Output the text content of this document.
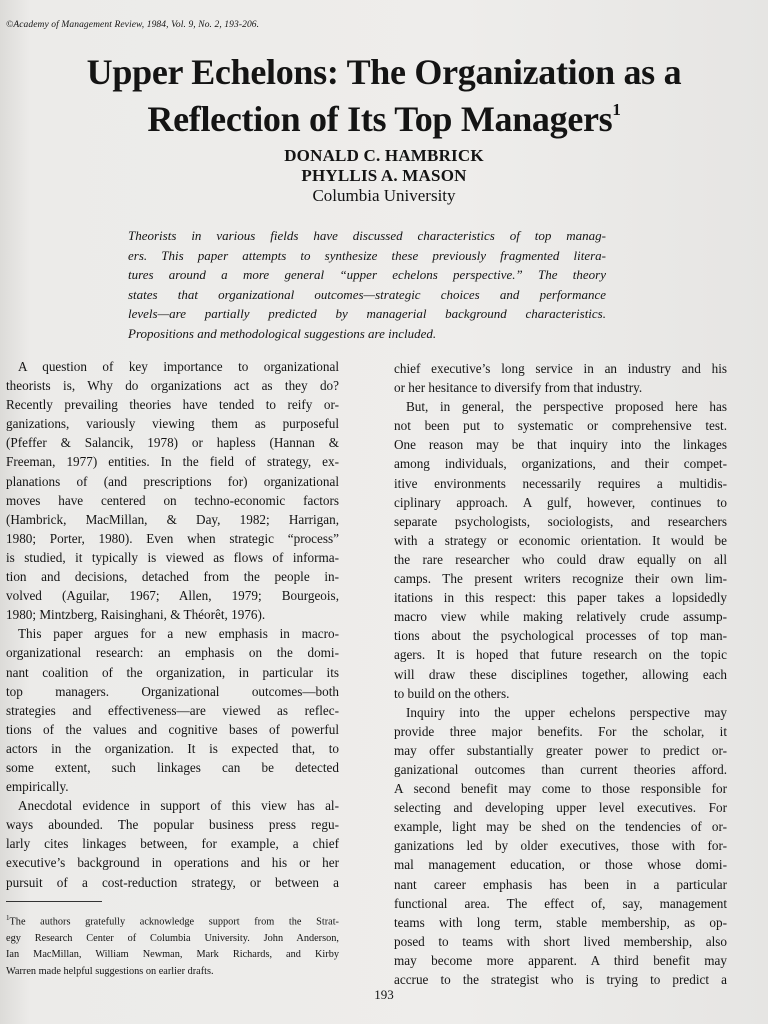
©Academy of Management Review, 1984, Vol. 9, No. 2, 193-206.
Upper Echelons: The Organization as a
Reflection of Its Top Managers$^1$
DONALD C. HAMBRICK
PHYLLIS A. MASON
Columbia University
Theorists in various fields have discussed characteristics of top manag-
ers. This paper attempts to synthesize these previously fragmented litera-
tures around a more general “upper echelons perspective.” The theory
states that organizational outcomes—strategic choices and performance
levels—are partially predicted by managerial background characteristics.
Propositions and methodological suggestions are included.
A question of key importance to organizational
theorists is, Why do organizations act as they do?
Recently prevailing theories have tended to reify or-
ganizations, variously viewing them as purposeful
(Pfeffer & Salancik, 1978) or hapless (Hannan &
Freeman, 1977) entities. In the field of strategy, ex-
planations of (and prescriptions for) organizational
moves have centered on techno-economic factors
(Hambrick, MacMillan, & Day, 1982; Harrigan,
1980; Porter, 1980). Even when strategic “process”
is studied, it typically is viewed as flows of informa-
tion and decisions, detached from the people in-
volved (Aguilar, 1967; Allen, 1979; Bourgeois,
1980; Mintzberg, Raisinghani, & Théorêt, 1976).
This paper argues for a new emphasis in macro-
organizational research: an emphasis on the domi-
nant coalition of the organization, in particular its
top managers. Organizational outcomes—both
strategies and effectiveness—are viewed as reflec-
tions of the values and cognitive bases of powerful
actors in the organization. It is expected that, to
some extent, such linkages can be detected
empirically.
Anecdotal evidence in support of this view has al-
ways abounded. The popular business press regu-
larly cites linkages between, for example, a chief
executive’s background in operations and his or her
pursuit of a cost-reduction strategy, or between a
chief executive’s long service in an industry and his
or her hesitance to diversify from that industry.
But, in general, the perspective proposed here has
not been put to systematic or comprehensive test.
One reason may be that inquiry into the linkages
among individuals, organizations, and their compet-
itive environments necessarily requires a multidis-
ciplinary approach. A gulf, however, continues to
separate psychologists, sociologists, and researchers
with a strategy or economic orientation. It would be
the rare researcher who could draw equally on all
camps. The present writers recognize their own lim-
itations in this respect: this paper takes a lopsidedly
macro view while making relatively crude assump-
tions about the psychological processes of top man-
agers. It is hoped that future research on the topic
will draw these disciplines together, allowing each
to build on the others.
Inquiry into the upper echelons perspective may
provide three major benefits. For the scholar, it
may offer substantially greater power to predict or-
ganizational outcomes than current theories afford.
A second benefit may come to those responsible for
selecting and developing upper level executives. For
example, light may be shed on the tendencies of or-
ganizations led by older executives, those with for-
mal management education, or those whose domi-
nant career emphasis has been in a particular
functional area. The effect of, say, management
teams with long term, stable membership, as op-
posed to teams with short lived membership, also
may become more apparent. A third benefit may
accrue to the strategist who is trying to predict a
$^1$The authors gratefully acknowledge support from the Strat-
egy Research Center of Columbia University. John Anderson,
Ian MacMillan, William Newman, Mark Richards, and Kirby
Warren made helpful suggestions on earlier drafts.
193
